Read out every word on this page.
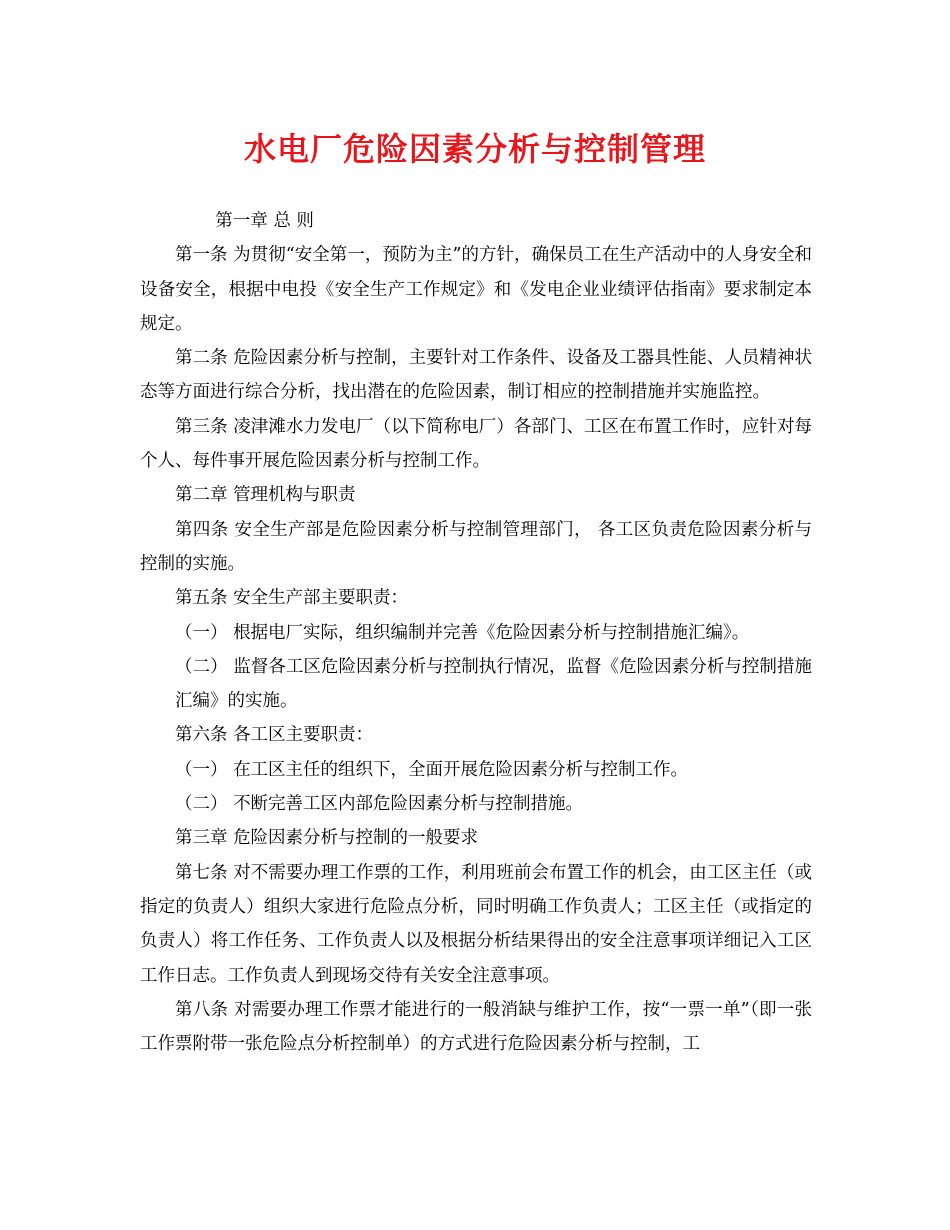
水电厂危险因素分析与控制管理

第一章 总 则

第一条 为贯彻“安全第一，预防为主”的方针，确保员工在生产活动中的人身安全和设备安全，根据中电投《安全生产工作规定》和《发电企业业绩评估指南》要求制定本规定。

第二条 危险因素分析与控制，主要针对工作条件、设备及工器具性能、人员精神状态等方面进行综合分析，找出潜在的危险因素，制订相应的控制措施并实施监控。

第三条 凌津滩水力发电厂（以下简称电厂）各部门、工区在布置工作时，应针对每个人、每件事开展危险因素分析与控制工作。

第二章 管理机构与职责

第四条 安全生产部是危险因素分析与控制管理部门， 各工区负责危险因素分析与控制的实施。

第五条 安全生产部主要职责：

（一） 根据电厂实际，组织编制并完善《危险因素分析与控制措施汇编》。

（二） 监督各工区危险因素分析与控制执行情况，监督《危险因素分析与控制措施汇编》的实施。

第六条 各工区主要职责：

（一） 在工区主任的组织下，全面开展危险因素分析与控制工作。

（二） 不断完善工区内部危险因素分析与控制措施。

第三章 危险因素分析与控制的一般要求

第七条 对不需要办理工作票的工作，利用班前会布置工作的机会，由工区主任（或指定的负责人）组织大家进行危险点分析，同时明确工作负责人；工区主任（或指定的负责人）将工作任务、工作负责人以及根据分析结果得出的安全注意事项详细记入工区工作日志。工作负责人到现场交待有关安全注意事项。

第八条 对需要办理工作票才能进行的一般消缺与维护工作，按“一票一单”（即一张工作票附带一张危险点分析控制单）的方式进行危险因素分析与控制，工
